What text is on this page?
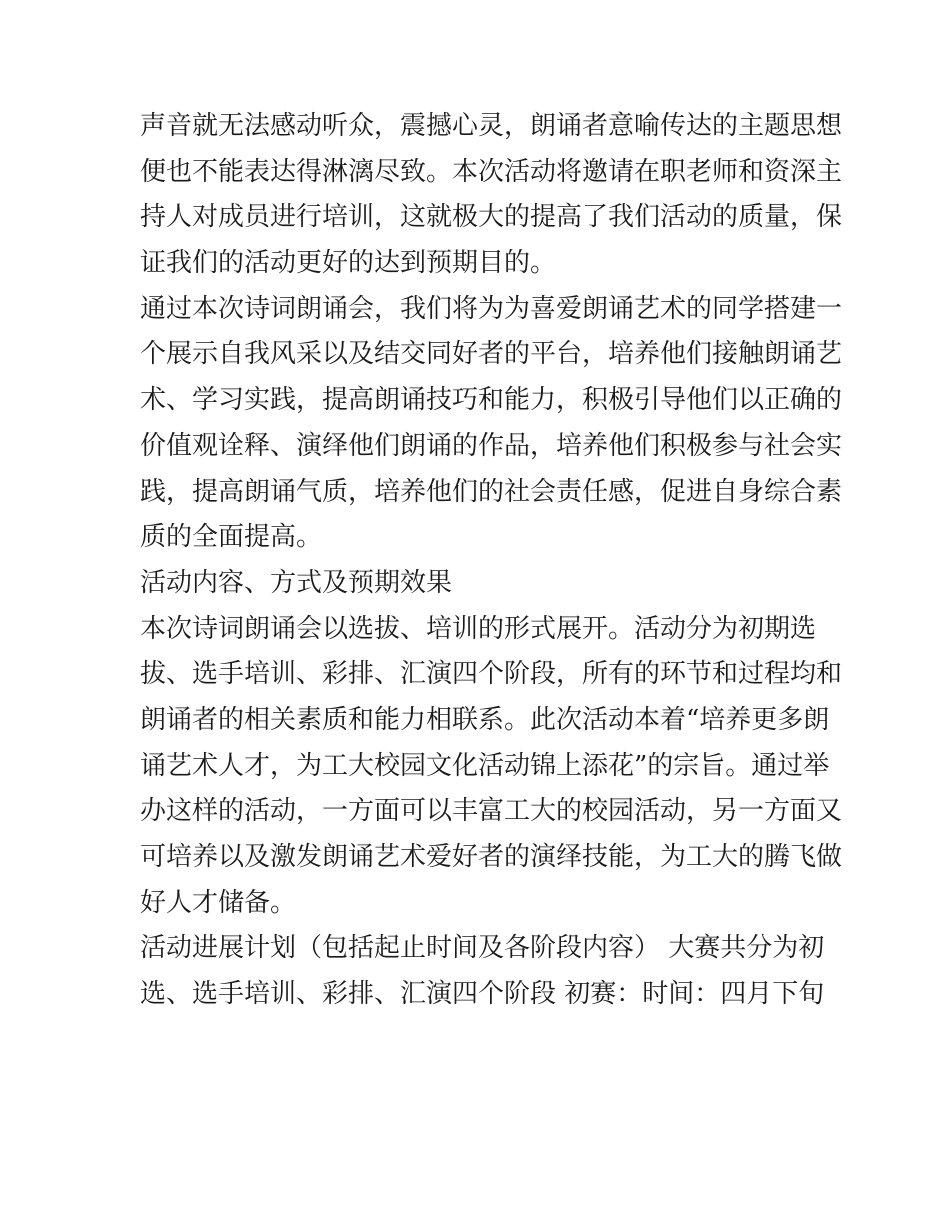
声音就无法感动听众，震撼心灵，朗诵者意喻传达的主题思想
便也不能表达得淋漓尽致。本次活动将邀请在职老师和资深主
持人对成员进行培训，这就极大的提高了我们活动的质量，保
证我们的活动更好的达到预期目的。
通过本次诗词朗诵会，我们将为为喜爱朗诵艺术的同学搭建一
个展示自我风采以及结交同好者的平台，培养他们接触朗诵艺
术、学习实践，提高朗诵技巧和能力，积极引导他们以正确的
价值观诠释、演绎他们朗诵的作品，培养他们积极参与社会实
践，提高朗诵气质，培养他们的社会责任感，促进自身综合素
质的全面提高。
活动内容、方式及预期效果
本次诗词朗诵会以选拔、培训的形式展开。活动分为初期选
拔、选手培训、彩排、汇演四个阶段，所有的环节和过程均和
朗诵者的相关素质和能力相联系。此次活动本着“培养更多朗
诵艺术人才，为工大校园文化活动锦上添花”的宗旨。通过举
办这样的活动，一方面可以丰富工大的校园活动，另一方面又
可培养以及激发朗诵艺术爱好者的演绎技能，为工大的腾飞做
好人才储备。
活动进展计划（包括起止时间及各阶段内容） 大赛共分为初
选、选手培训、彩排、汇演四个阶段 初赛：时间：四月下旬
